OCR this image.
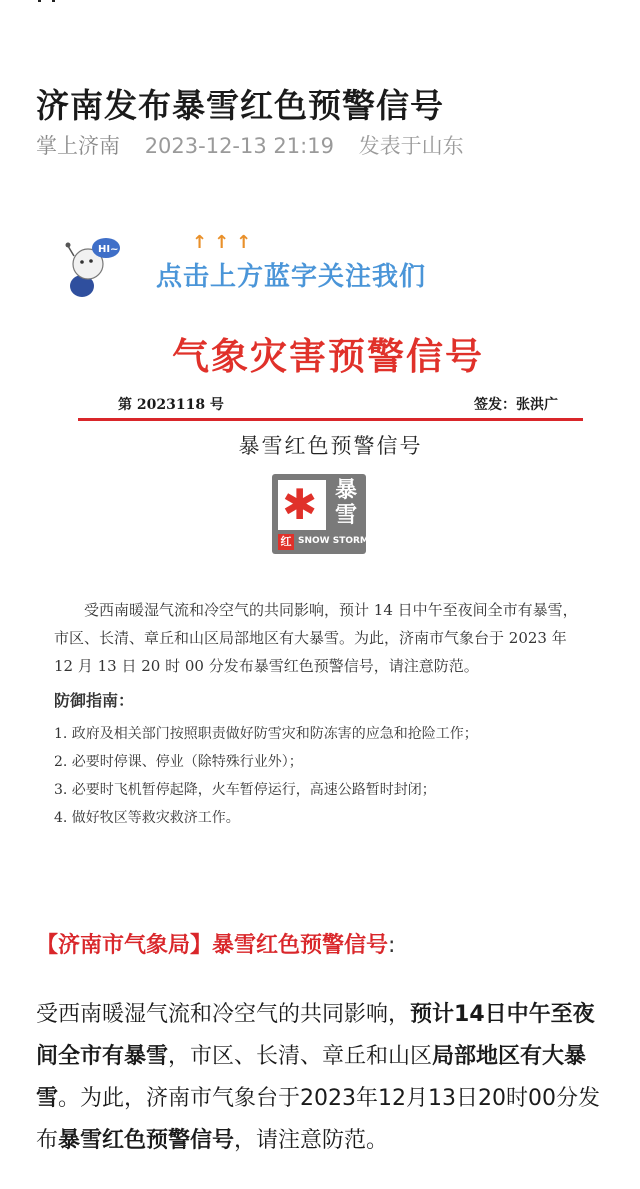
济南发布暴雪红色预警信号
掌上济南 2023-12-13 21:19 发表于山东
HI~	↑↑↑
点击上方蓝字关注我们
气象灾害预警信号
第 2023118 号	签发：张洪广
暴雪红色预警信号
✱ 暴雪
红 SNOW STORM

受西南暖湿气流和冷空气的共同影响，预计 14 日中午至夜间全市有暴雪，市区、长清、章丘和山区局部地区有大暴雪。为此，济南市气象台于 2023 年 12 月 13 日 20 时 00 分发布暴雪红色预警信号，请注意防范。

防御指南：
1. 政府及相关部门按照职责做好防雪灾和防冻害的应急和抢险工作；
2. 必要时停课、停业（除特殊行业外）；
3. 必要时飞机暂停起降，火车暂停运行，高速公路暂时封闭；
4. 做好牧区等救灾救济工作。
【济南市气象局】暴雪红色预警信号:
受西南暖湿气流和冷空气的共同影响，预计14日中午至夜间全市有暴雪，市区、长清、章丘和山区局部地区有大暴雪。为此，济南市气象台于2023年12月13日20时00分发布暴雪红色预警信号，请注意防范。
